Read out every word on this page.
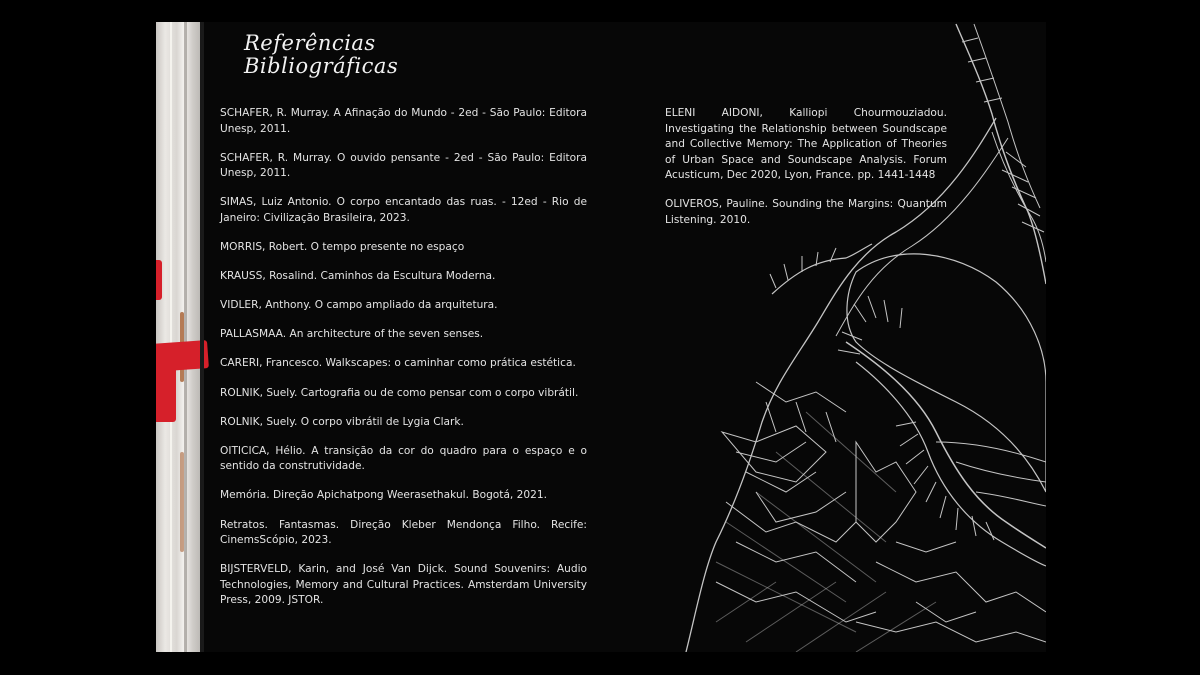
Referências
Bibliográficas

SCHAFER, R. Murray. A Afinação do Mundo - 2ed - São Paulo: Editora Unesp, 2011.

SCHAFER, R. Murray. O ouvido pensante - 2ed - São Paulo: Editora Unesp, 2011.

SIMAS, Luiz Antonio. O corpo encantado das ruas. - 12ed - Rio de Janeiro: Civilização Brasileira, 2023.

MORRIS, Robert. O tempo presente no espaço

KRAUSS, Rosalind. Caminhos da Escultura Moderna.

VIDLER, Anthony. O campo ampliado da arquitetura.

PALLASMAA. An architecture of the seven senses.

CARERI, Francesco. Walkscapes: o caminhar como prática estética.

ROLNIK, Suely. Cartografia ou de como pensar com o corpo vibrátil.

ROLNIK, Suely. O corpo vibrátil de Lygia Clark.

OITICICA, Hélio. A transição da cor do quadro para o espaço e o sentido da construtividade.

Memória. Direção Apichatpong Weerasethakul. Bogotá, 2021.

Retratos. Fantasmas. Direção Kleber Mendonça Filho. Recife: CinemsScópio, 2023.

BIJSTERVELD, Karin, and José Van Dijck. Sound Souvenirs: Audio Technologies, Memory and Cultural Practices. Amsterdam University Press, 2009. JSTOR.

ELENI AIDONI, Kalliopi Chourmouziadou. Investigating the Relationship between Soundscape and Collective Memory: The Application of Theories of Urban Space and Soundscape Analysis. Forum Acusticum, Dec 2020, Lyon, France. pp. 1441-1448

OLIVEROS, Pauline. Sounding the Margins: Quantum Listening. 2010.
